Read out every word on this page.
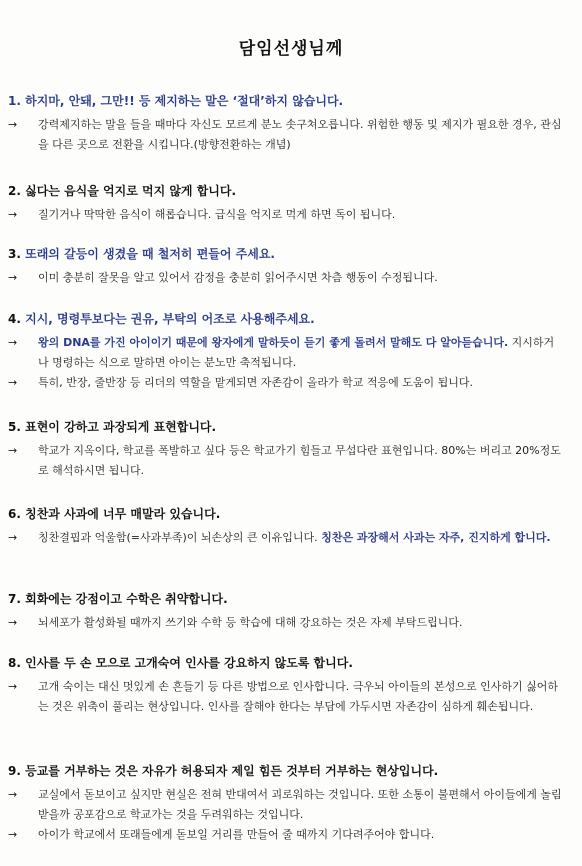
담임선생님께
1. 하지마, 안돼, 그만!! 등 제지하는 말은 ‘절대’하지 않습니다.
→	강력제지하는 말을 들을 때마다 자신도 모르게 분노 솟구쳐오릅니다. 위험한 행동 및 제지가 필요한 경우, 관심을 다른 곳으로 전환을 시킵니다.(방향전환하는 개념)
2. 싫다는 음식을 억지로 먹지 않게 합니다.
→	질기거나 딱딱한 음식이 해롭습니다. 급식을 억지로 먹게 하면 독이 됩니다.
3. 또래의 갈등이 생겼을 때 철저히 편들어 주세요.
→	이미 충분히 잘못을 알고 있어서 감정을 충분히 읽어주시면 차츰 행동이 수정됩니다.
4. 지시, 명령투보다는 권유, 부탁의 어조로 사용해주세요.
→	왕의 DNA를 가진 아이이기 때문에 왕자에게 말하듯이 듣기 좋게 돌려서 말해도 다 알아듣습니다. 지시하거나 명령하는 식으로 말하면 아이는 분노만 축적됩니다.
→	특히, 반장, 줄반장 등 리더의 역할을 맡게되면 자존감이 올라가 학교 적응에 도움이 됩니다.
5. 표현이 강하고 과장되게 표현합니다.
→	학교가 지옥이다, 학교를 폭발하고 싶다 등은 학교가기 힘들고 무섭다란 표현입니다. 80%는 버리고 20%정도로 해석하시면 됩니다.
6. 칭찬과 사과에 너무 매말라 있습니다.
→	칭찬결핍과 억울함(=사과부족)이 뇌손상의 큰 이유입니다. 칭찬은 과장해서 사과는 자주, 진지하게 합니다.
7. 회화에는 강점이고 수학은 취약합니다.
→	뇌세포가 활성화될 때까지 쓰기와 수학 등 학습에 대해 강요하는 것은 자제 부탁드립니다.
8. 인사를 두 손 모으로 고개숙여 인사를 강요하지 않도록 합니다.
→	고개 숙이는 대신 멋있게 손 흔들기 등 다른 방법으로 인사합니다. 극우뇌 아이들의 본성으로 인사하기 싫어하는 것은 위축이 풀리는 현상입니다. 인사를 잘해야 한다는 부담에 가두시면 자존감이 심하게 훼손됩니다.
9. 등교를 거부하는 것은 자유가 허용되자 제일 힘든 것부터 거부하는 현상입니다.
→	교실에서 돋보이고 싶지만 현실은 전혀 반대여서 괴로워하는 것입니다. 또한 소통이 불편해서 아이들에게 놀림받을까 공포감으로 학교가는 것을 두려워하는 것입니다.
→	아이가 학교에서 또래들에게 돋보일 거리를 만들어 줄 때까지 기다려주어야 합니다.
